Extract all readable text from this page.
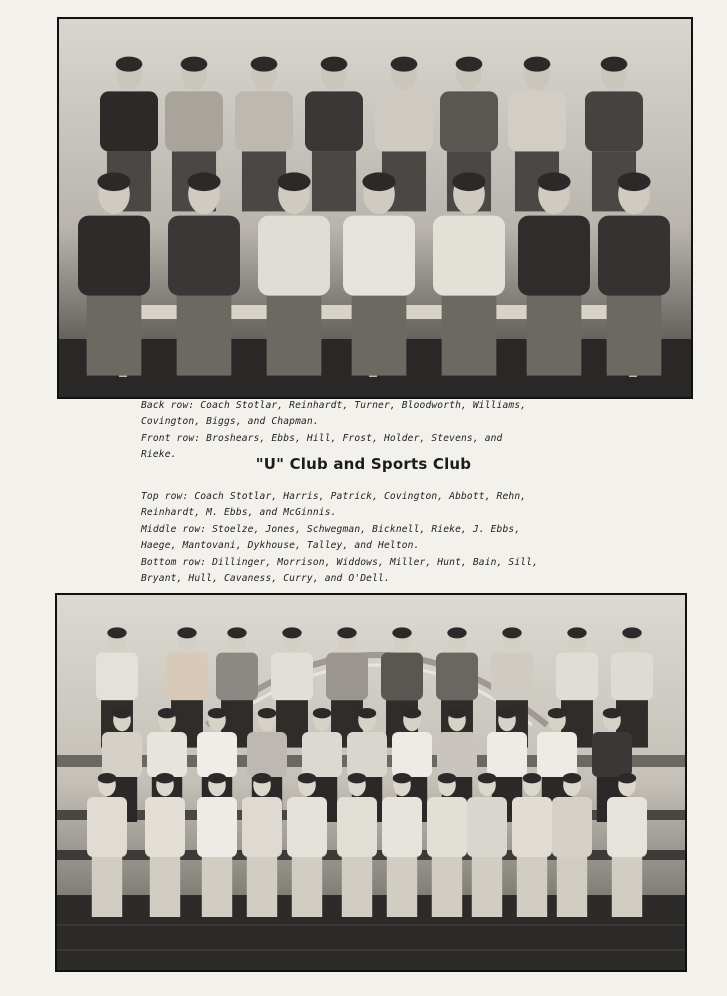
Back row: Coach Stotlar, Reinhardt, Turner, Bloodworth, Williams,

Covington, Biggs, and Chapman.

Front row: Broshears, Ebbs, Hill, Frost, Holder, Stevens, and

Rieke.

"U" Club and Sports Club

Top row: Coach Stotlar, Harris, Patrick, Covington, Abbott, Rehn,

Reinhardt, M. Ebbs, and McGinnis.

Middle row: Stoelze, Jones, Schwegman, Bicknell, Rieke, J. Ebbs,

Haege, Mantovani, Dykhouse, Talley, and Helton.

Bottom row: Dillinger, Morrison, Widdows, Miller, Hunt, Bain, Sill,

Bryant, Hull, Cavaness, Curry, and O'Dell.
